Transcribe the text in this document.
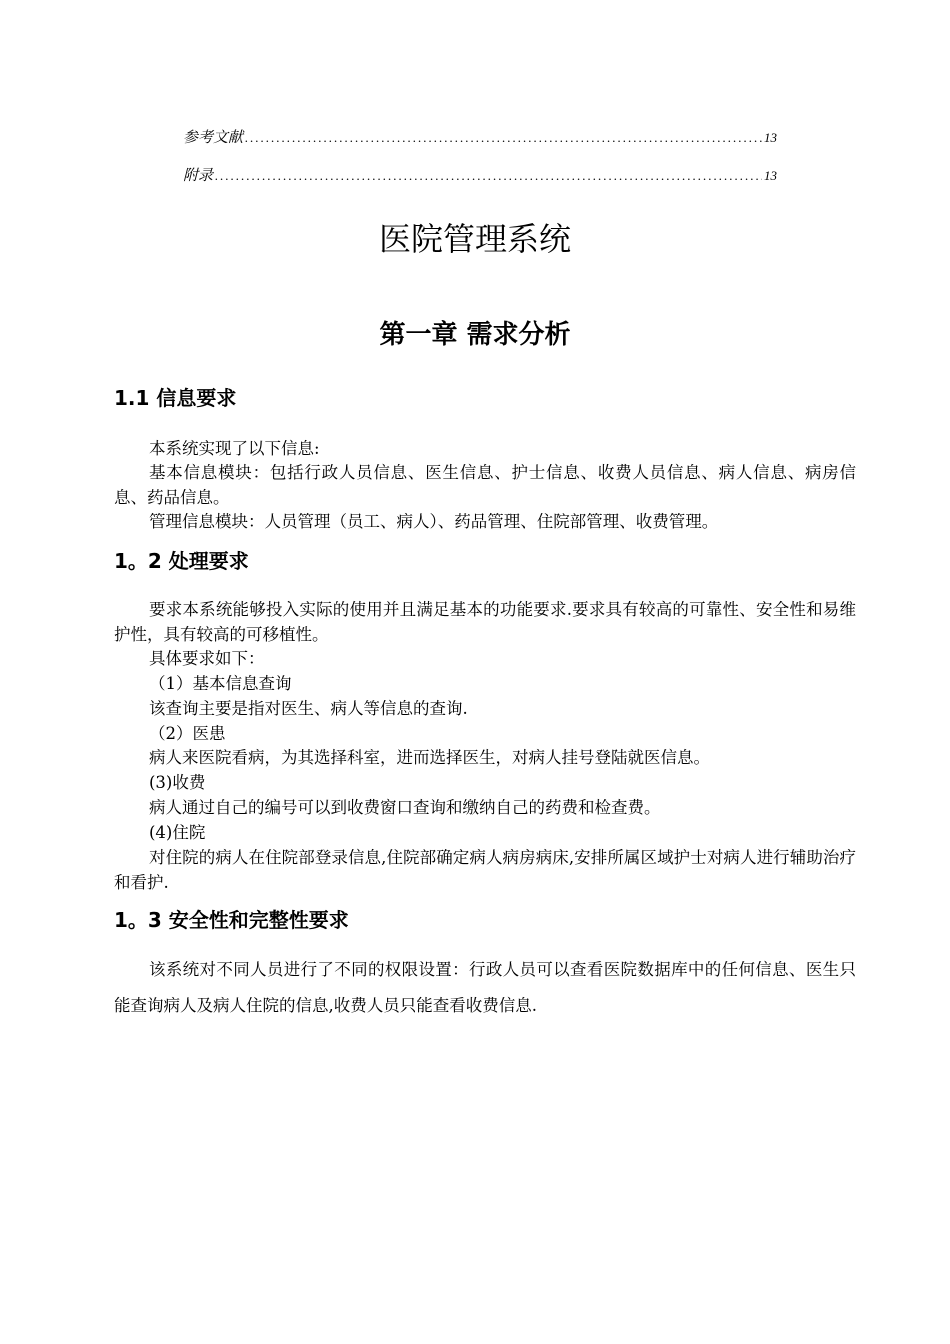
参考文献 .....	13
附录 .....	13
医院管理系统
第一章 需求分析
1.1 信息要求
本系统实现了以下信息:
基本信息模块：包括行政人员信息、医生信息、护士信息、收费人员信息、病人信息、病房信息、药品信息。
管理信息模块：人员管理（员工、病人）、药品管理、住院部管理、收费管理。
1。2 处理要求
要求本系统能够投入实际的使用并且满足基本的功能要求.要求具有较高的可靠性、安全性和易维护性，具有较高的可移植性。
具体要求如下：
（1）基本信息查询
该查询主要是指对医生、病人等信息的查询.
（2）医患
病人来医院看病，为其选择科室，进而选择医生，对病人挂号登陆就医信息。
(3)收费
病人通过自己的编号可以到收费窗口查询和缴纳自己的药费和检查费。
(4)住院
对住院的病人在住院部登录信息,住院部确定病人病房病床,安排所属区域护士对病人进行辅助治疗和看护.
1。3 安全性和完整性要求
该系统对不同人员进行了不同的权限设置：行政人员可以查看医院数据库中的任何信息、医生只能查询病人及病人住院的信息,收费人员只能查看收费信息.
